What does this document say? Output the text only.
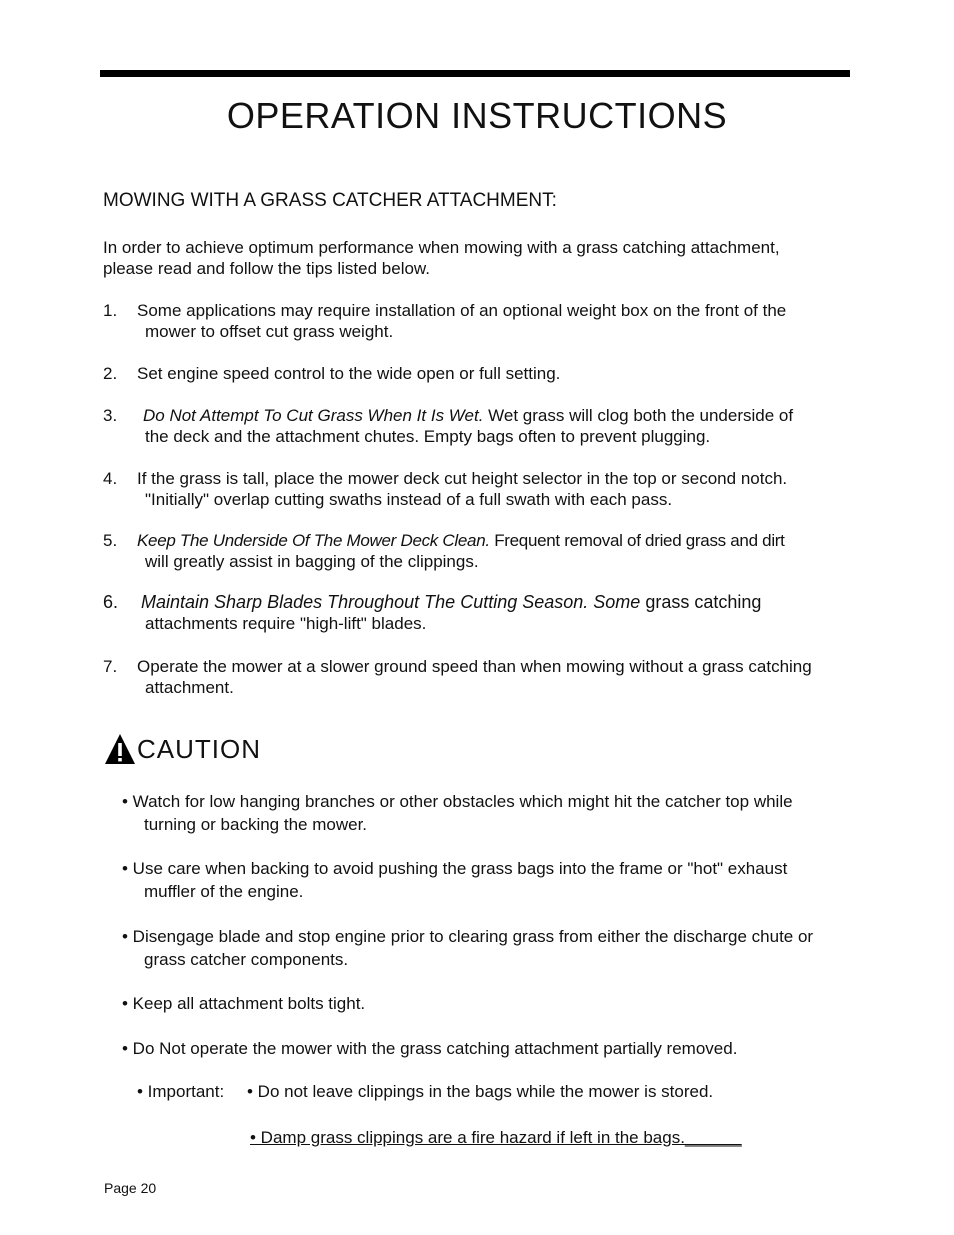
OPERATION INSTRUCTIONS
MOWING WITH A GRASS CATCHER ATTACHMENT:
In order to achieve optimum performance when mowing with a grass catching attachment,
please read and follow the tips listed below.
1. Some applications may require installation of an optional weight box on the front of the
mower to offset cut grass weight.
2. Set engine speed control to the wide open or full setting.
3. Do Not Attempt To Cut Grass When It Is Wet. Wet grass will clog both the underside of
the deck and the attachment chutes. Empty bags often to prevent plugging.
4. If the grass is tall, place the mower deck cut height selector in the top or second notch.
"Initially" overlap cutting swaths instead of a full swath with each pass.
5. Keep The Underside Of The Mower Deck Clean. Frequent removal of dried grass and dirt
will greatly assist in bagging of the clippings.
6. Maintain Sharp Blades Throughout The Cutting Season. Some grass catching
attachments require "high-lift" blades.
7. Operate the mower at a slower ground speed than when mowing without a grass catching
attachment.
CAUTION
• Watch for low hanging branches or other obstacles which might hit the catcher top while
turning or backing the mower.
• Use care when backing to avoid pushing the grass bags into the frame or "hot" exhaust
muffler of the engine.
• Disengage blade and stop engine prior to clearing grass from either the discharge chute or
grass catcher components.
• Keep all attachment bolts tight.
• Do Not operate the mower with the grass catching attachment partially removed.
• Important: • Do not leave clippings in the bags while the mower is stored.
• Damp grass clippings are a fire hazard if left in the bags.______
Page 20
